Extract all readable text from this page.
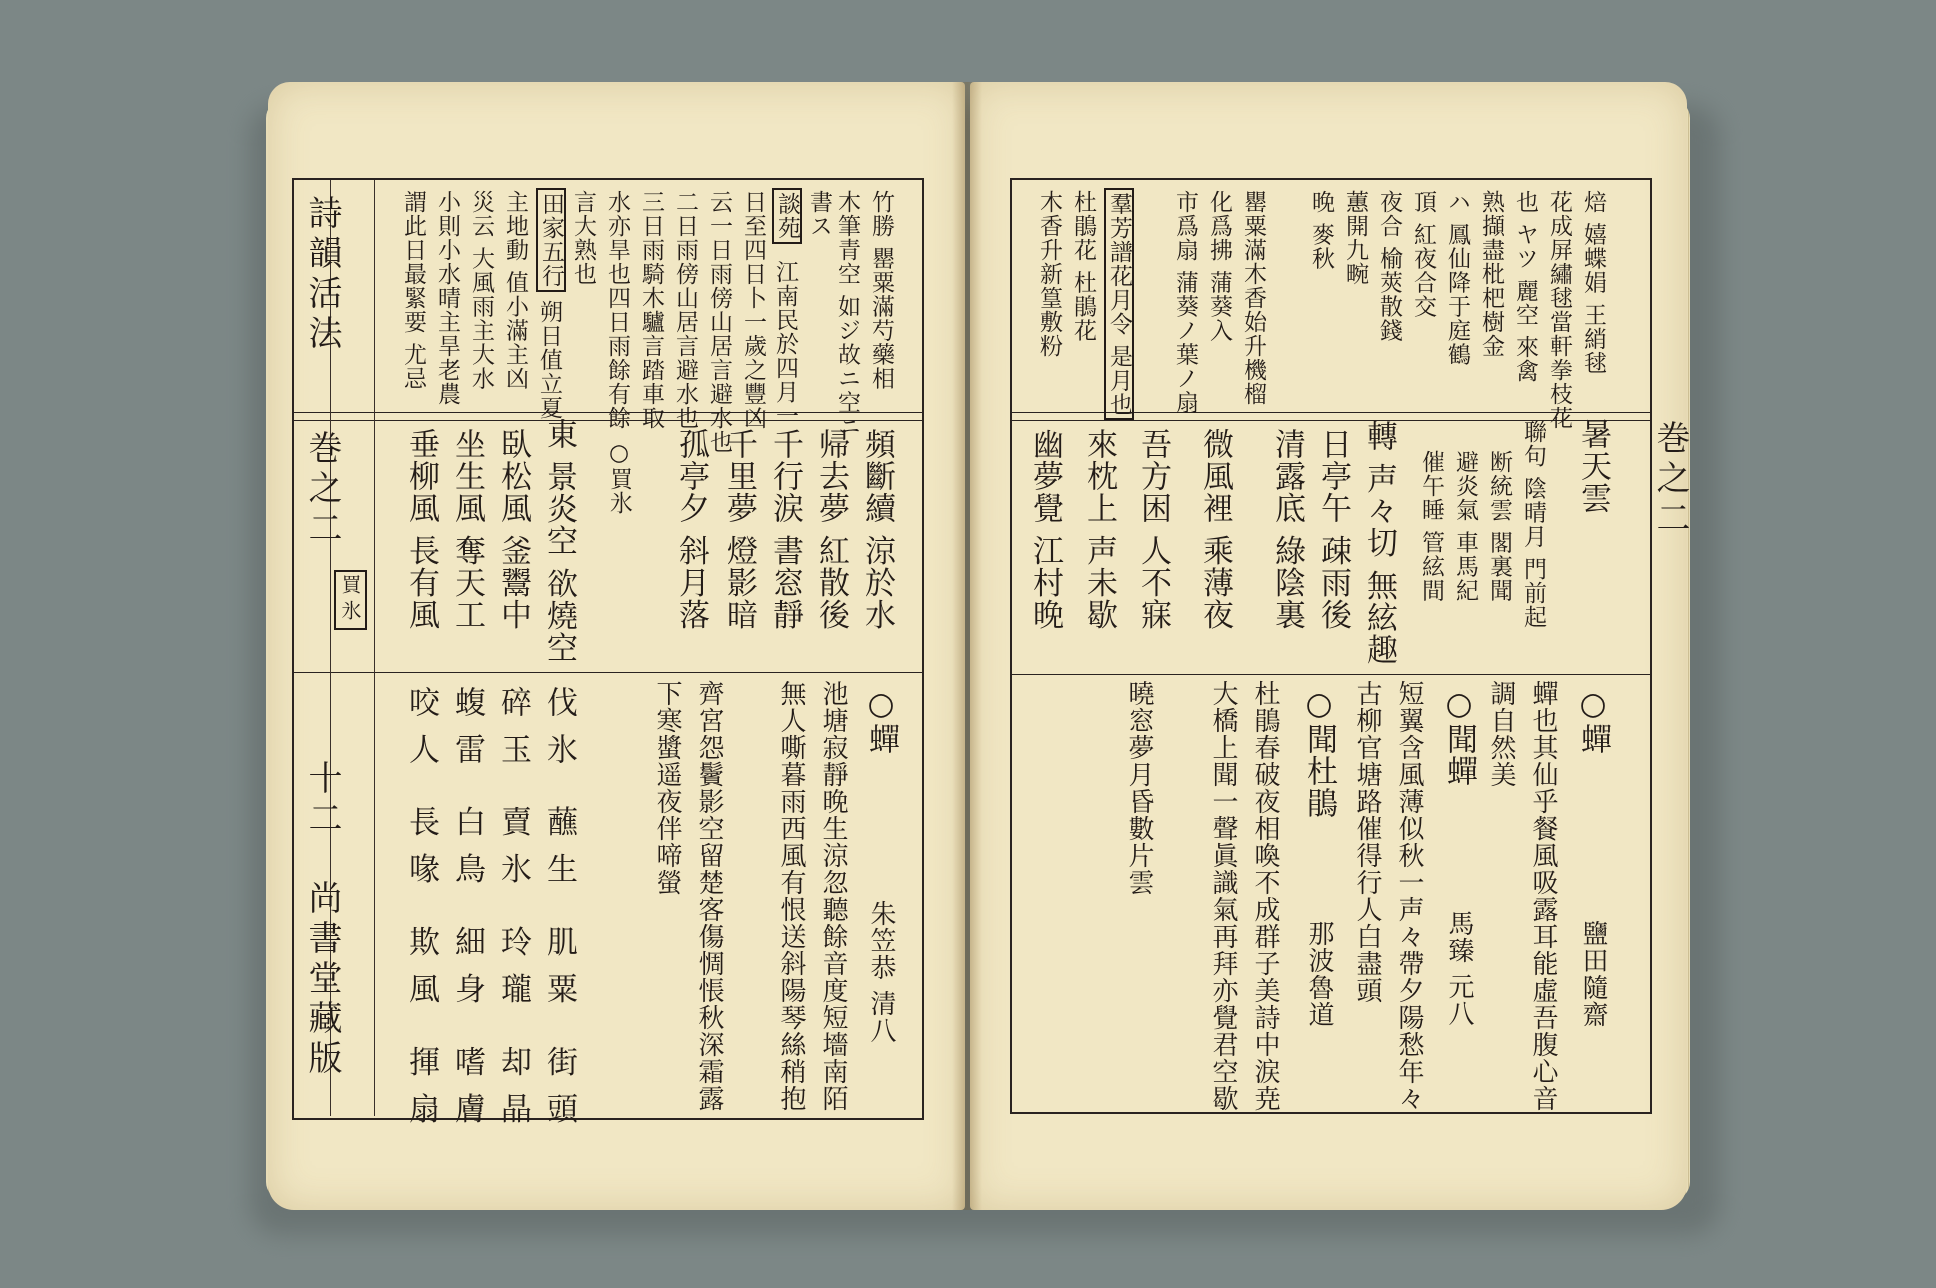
詩韻活法
巻之二
買氷
十二
尚書堂藏版
竹勝 罌粟滿芍藥相
木筆青空 如ジ故ニ空ニ
書ス
談苑
江南民於四月一
日至四日卜一歲之豐凶
云一日雨傍山居言避水也
二日雨傍山居言避水也
三日雨騎木驢言踏車取
水亦旱也四日雨餘有餘
言大熟也
田家五行
朔日值立夏
主地動 值小滿主凶
災云 大風雨主大水
小則小水晴主旱老農
謂此日最緊要 尤忌
頻斷續 涼於水
帰去夢 紅散後
千行涙 書窓靜
千里夢 燈影暗
孤亭夕 斜月落
○買氷
東 景炎空 欲燒空
臥松風 釜鬻中
坐生風 奪天工
垂柳風 長有風
○蟬
朱笠恭 清八
池塘寂靜晚生涼忽聽餘音度短墻南陌
無人嘶暮雨西風有恨送斜陽琴絲稍抱
齊宮怨鬢影空留楚客傷惆悵秋深霜露
下寒螿遥夜伴啼螢
伐氷 蘸生 肌粟 街頭
碎玉 賣氷 玲瓏 却晶
蝮雷 白鳥 細身 嗜膚
咬人 長喙 欺風 揮扇
焙 嬉蝶娟 王綃毬
花成屏繡毬當軒拳枝花
也 ヤツ 麗空 來禽
熟擷盡枇杷樹金
ハ 鳳仙降于庭鶴
頂 紅夜合交
夜合 榆莢散錢
蕙開九畹
晚 麥秋
罌粟滿木香始升機榴
化爲拂 蒲葵入
市爲扇 蒲葵ノ葉ノ扇
羣芳譜花月令 是月也
杜鵑花 杜鵑花
木香升新篁敷粉
暑天雲
聯句 陰晴月 門前起
断統雲 閣裏聞
避炎氣 車馬紀
催午睡 管絃間
轉 声々切 無絃趣
日亭午 疎雨後
清露底 綠陰裏
微風裡 乘薄夜
吾方困 人不寐
來枕上 声未歇
幽夢覺 江村晚
○蟬
蟬也其仙乎餐風吸露耳能虛吾腹心音
調自然美
鹽田隨齋
○聞蟬
馬臻 元八
短翼含風薄似秋一声々帶夕陽愁年々
古柳官塘路催得行人白盡頭
○聞杜鵑
那波魯道
杜鵑春破夜相喚不成群子美詩中涙尭
大橋上聞一聲眞識氣再拜亦覺君空歇
曉窓夢月昏數片雲
巻之二
